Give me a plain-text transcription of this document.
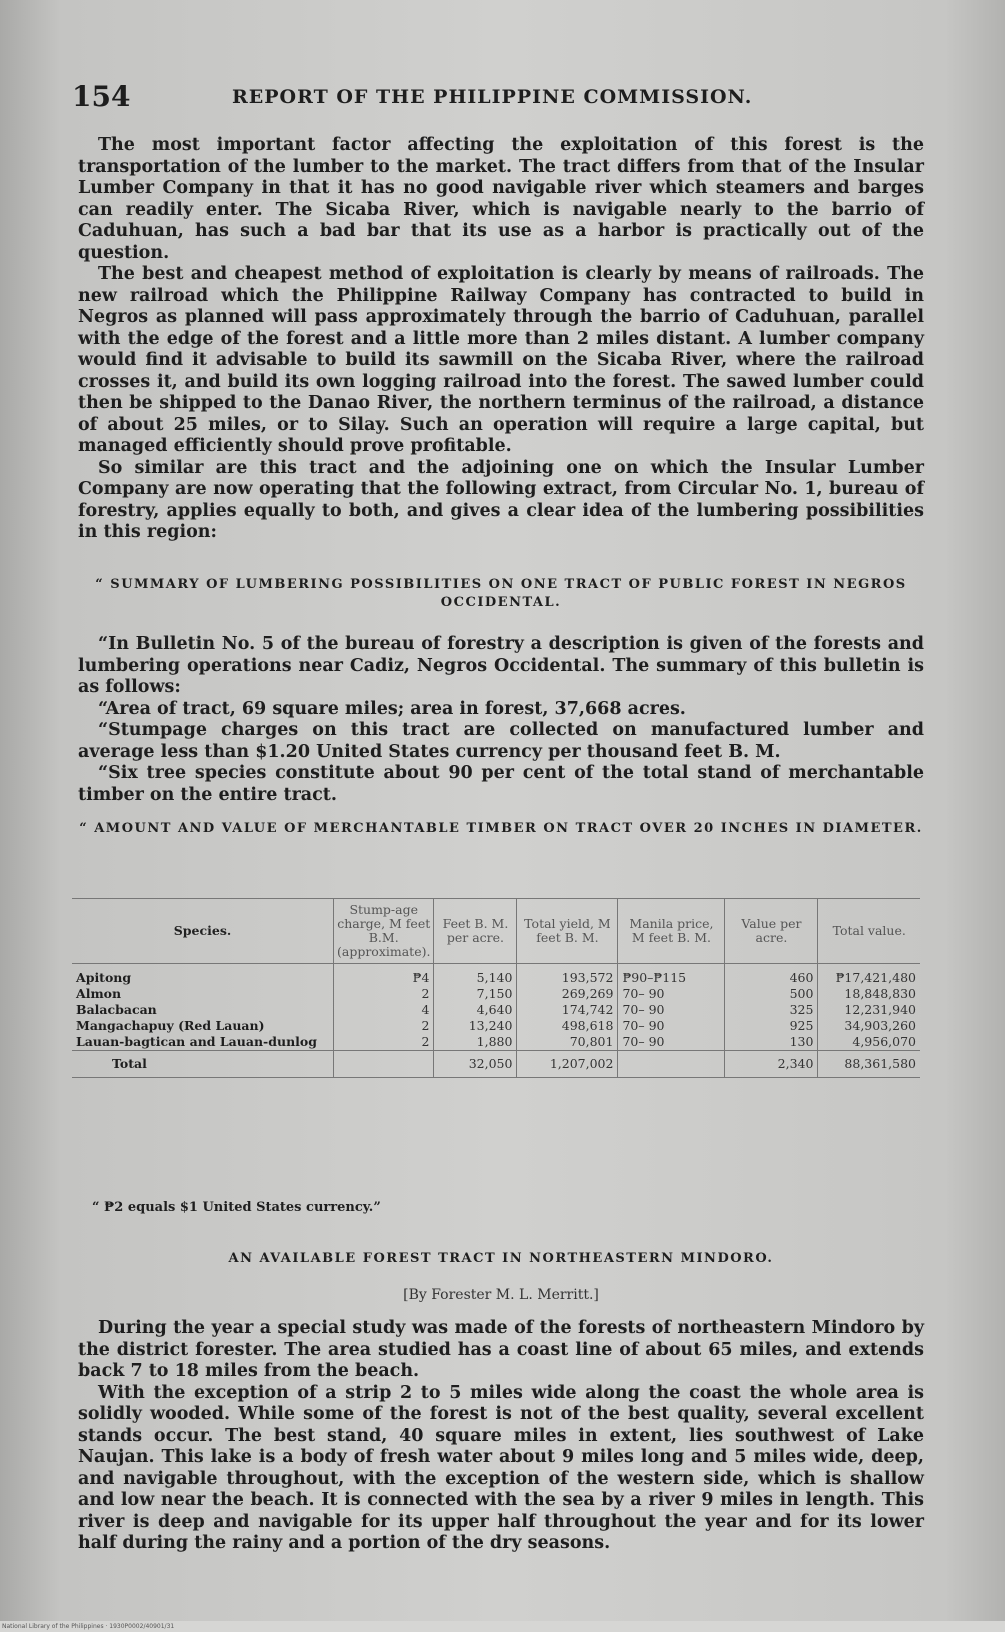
154	REPORT OF THE PHILIPPINE COMMISSION.

The most important factor affecting the exploitation of this forest is the transportation of the lumber to the market. The tract differs from that of the Insular Lumber Company in that it has no good navigable river which steamers and barges can readily enter. The Sicaba River, which is navigable nearly to the barrio of Caduhuan, has such a bad bar that its use as a harbor is practically out of the question.

The best and cheapest method of exploitation is clearly by means of railroads. The new railroad which the Philippine Railway Company has contracted to build in Negros as planned will pass approximately through the barrio of Caduhuan, parallel with the edge of the forest and a little more than 2 miles distant. A lumber company would find it advisable to build its sawmill on the Sicaba River, where the railroad crosses it, and build its own logging railroad into the forest. The sawed lumber could then be shipped to the Danao River, the northern terminus of the railroad, a distance of about 25 miles, or to Silay. Such an operation will require a large capital, but managed efficiently should prove profitable.

So similar are this tract and the adjoining one on which the Insular Lumber Company are now operating that the following extract, from Circular No. 1, bureau of forestry, applies equally to both, and gives a clear idea of the lumbering possibilities in this region:

“ SUMMARY OF LUMBERING POSSIBILITIES ON ONE TRACT OF PUBLIC FOREST IN NEGROS OCCIDENTAL.

“In Bulletin No. 5 of the bureau of forestry a description is given of the forests and lumbering operations near Cadiz, Negros Occidental. The summary of this bulletin is as follows:

“Area of tract, 69 square miles; area in forest, 37,668 acres.

“Stumpage charges on this tract are collected on manufactured lumber and average less than $1.20 United States currency per thousand feet B. M.

“Six tree species constitute about 90 per cent of the total stand of merchantable timber on the entire tract.

“ AMOUNT AND VALUE OF MERCHANTABLE TIMBER ON TRACT OVER 20 INCHES IN DIAMETER.
Species.	Stump-age charge, M feet B.M.(approximate).	Feet B. M. per acre.	Total yield, M feet B. M.	Manila price, M feet B. M.	Value per acre.	Total value.

Apitong	₱4	5,140	193,572	₱90–₱115	460	₱17,421,480
Almon	2	7,150	269,269	70– 90	500	18,848,830
Balacbacan	4	4,640	174,742	70– 90	325	12,231,940
Mangachapuy (Red Lauan)	2	13,240	498,618	70– 90	925	34,903,260
Lauan-bagtican and Lauan-dunlog	2	1,880	70,801	70– 90	130	4,956,070
Total		32,050	1,207,002		2,340	88,361,580
“ ₱2 equals $1 United States currency.”
AN AVAILABLE FOREST TRACT IN NORTHEASTERN MINDORO.
[By Forester M. L. Merritt.]

During the year a special study was made of the forests of northeastern Mindoro by the district forester. The area studied has a coast line of about 65 miles, and extends back 7 to 18 miles from the beach.

With the exception of a strip 2 to 5 miles wide along the coast the whole area is solidly wooded. While some of the forest is not of the best quality, several excellent stands occur. The best stand, 40 square miles in extent, lies southwest of Lake Naujan. This lake is a body of fresh water about 9 miles long and 5 miles wide, deep, and navigable throughout, with the exception of the western side, which is shallow and low near the beach. It is connected with the sea by a river 9 miles in length. This river is deep and navigable for its upper half throughout the year and for its lower half during the rainy and a portion of the dry seasons.

National Library of the Philippines · 1930P0002/40901/31
